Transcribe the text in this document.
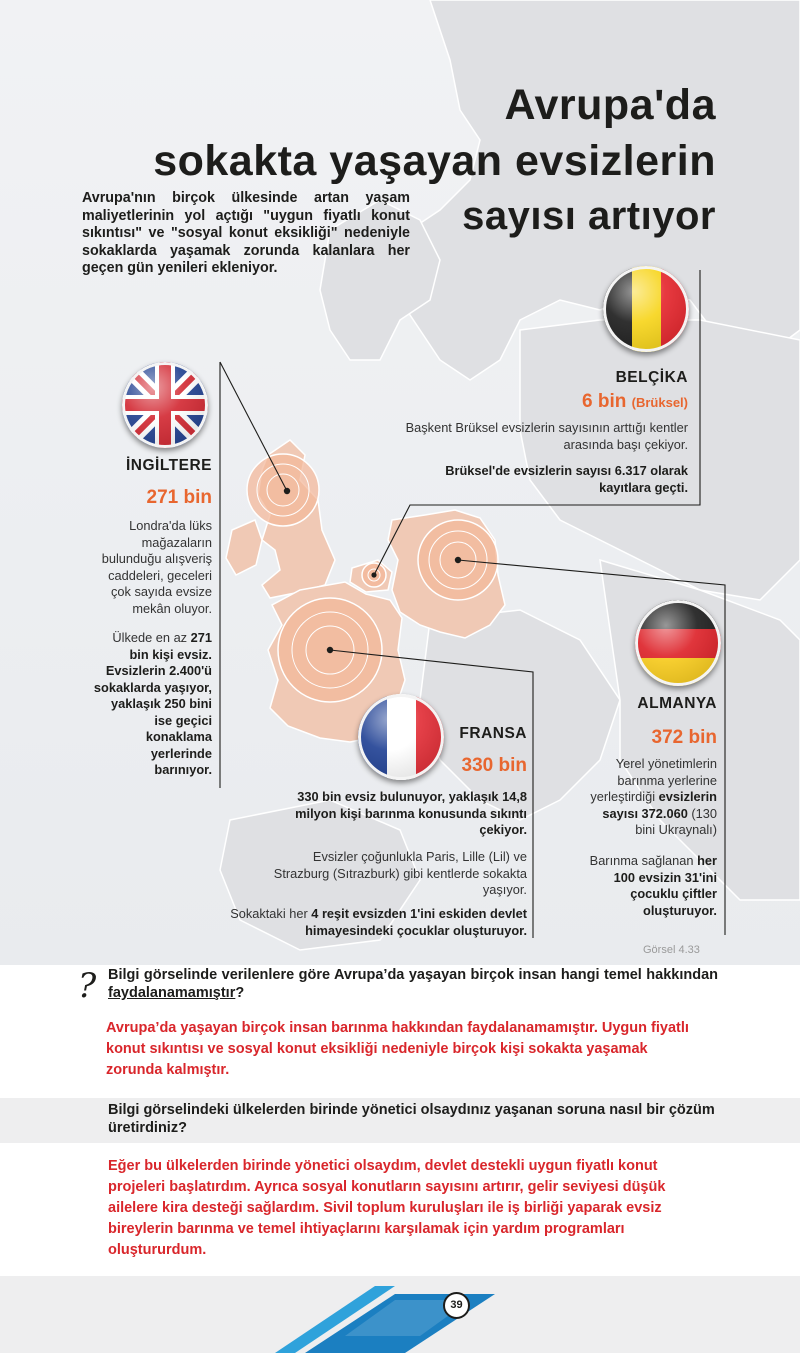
Avrupa'da
sokakta yaşayan evsizlerin
sayısı artıyor
Avrupa'nın birçok ülkesinde artan yaşam maliyetlerinin yol açtığı "uygun fiyatlı konut sıkıntısı" ve "sosyal konut eksikliği" nedeniyle sokaklarda yaşamak zorunda kalanlara her geçen gün yenileri ekleniyor.
BELÇİKA
6 bin (Brüksel)
Başkent Brüksel evsizlerin sayısının arttığı kentler arasında başı çekiyor.
Brüksel'de evsizlerin sayısı 6.317 olarak kayıtlara geçti.
İNGİLTERE
271 bin
Londra'da lüks mağazaların bulunduğu alışveriş caddeleri, geceleri çok sayıda evsize mekân oluyor.
Ülkede en az 271 bin kişi evsiz. Evsizlerin 2.400'ü sokaklarda yaşıyor, yaklaşık 250 bini ise geçici konaklama yerlerinde barınıyor.
ALMANYA
372 bin
Yerel yönetimlerin barınma yerlerine yerleştirdiği evsizlerin sayısı 372.060 (130 bini Ukraynalı)
Barınma sağlanan her 100 evsizin 31'ini çocuklu çiftler oluşturuyor.
FRANSA
330 bin
330 bin evsiz bulunuyor, yaklaşık 14,8 milyon kişi barınma konusunda sıkıntı çekiyor.
Evsizler çoğunlukla Paris, Lille (Lil) ve Strazburg (Sıtrazburk) gibi kentlerde sokakta yaşıyor.
Sokaktaki her 4 reşit evsizden 1'ini eskiden devlet himayesindeki çocuklar oluşturuyor.
Görsel 4.33
? Bilgi görselinde verilenlere göre Avrupa’da yaşayan birçok insan hangi temel hakkından faydalanamamıştır?

Avrupa’da yaşayan birçok insan barınma hakkından faydalanamamıştır. Uygun fiyatlı konut sıkıntısı ve sosyal konut eksikliği nedeniyle birçok kişi sokakta yaşamak zorunda kalmıştır.

Bilgi görselindeki ülkelerden birinde yönetici olsaydınız yaşanan soruna nasıl bir çözüm üretirdiniz?

Eğer bu ülkelerden birinde yönetici olsaydım, devlet destekli uygun fiyatlı konut projeleri başlatırdım. Ayrıca sosyal konutların sayısını artırır, gelir seviyesi düşük ailelere kira desteği sağlardım. Sivil toplum kuruluşları ile iş birliği yaparak evsiz bireylerin barınma ve temel ihtiyaçlarını karşılamak için yardım programları oluştururdum.

39
